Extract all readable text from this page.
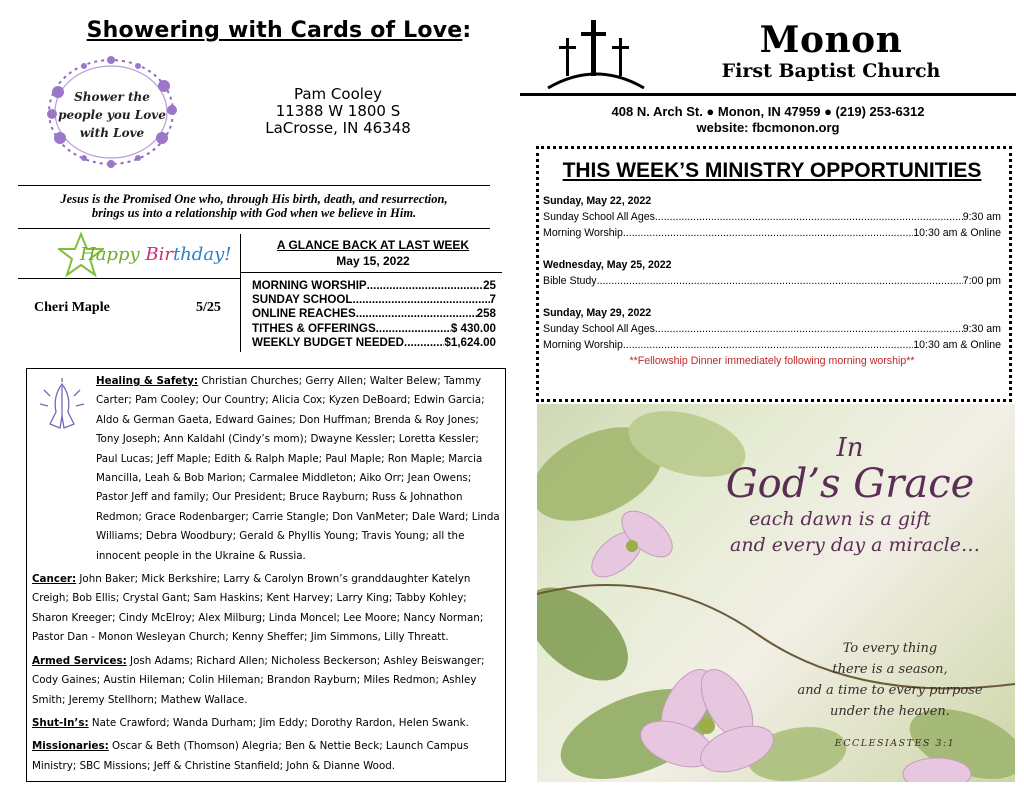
Showering with Cards of Love:
Shower the people you Love with Love
Pam Cooley
11388 W 1800 S
LaCrosse, IN 46348
Jesus is the Promised One who, through His birth, death, and resurrection,
brings us into a relationship with God when we believe in Him.
Happy Birthday!
Cheri Maple	5/25
A GLANCE BACK AT LAST WEEK
May 15, 2022
MORNING WORSHIP .....	25
SUNDAY SCHOOL .....	7
ONLINE REACHES .....	258
TITHES & OFFERINGS .....	$ 430.00
WEEKLY BUDGET NEEDED .....	$1,624.00

Healing & Safety: Christian Churches; Gerry Allen; Walter Belew; Tammy Carter; Pam Cooley; Our Country; Alicia Cox; Kyzen DeBoard; Edwin Garcia; Aldo & German Gaeta, Edward Gaines; Don Huffman; Brenda & Roy Jones; Tony Joseph; Ann Kaldahl (Cindy’s mom); Dwayne Kessler; Loretta Kessler; Paul Lucas; Jeff Maple; Edith & Ralph Maple; Paul Maple; Ron Maple; Marcia Mancilla, Leah & Bob Marion; Carmalee Middleton; Aiko Orr; Jean Owens; Pastor Jeff and family; Our President; Bruce Rayburn; Russ & Johnathon Redmon; Grace Rodenbarger; Carrie Stangle; Don VanMeter; Dale Ward; Linda Williams; Debra Woodbury; Gerald & Phyllis Young; Travis Young; all the innocent people in the Ukraine & Russia.

Cancer: John Baker; Mick Berkshire; Larry & Carolyn Brown’s granddaughter Katelyn Creigh; Bob Ellis; Crystal Gant; Sam Haskins; Kent Harvey; Larry King; Tabby Kohley; Sharon Kreeger; Cindy McElroy; Alex Milburg; Linda Moncel; Lee Moore; Nancy Norman; Pastor Dan - Monon Wesleyan Church; Kenny Sheffer; Jim Simmons, Lilly Threatt.

Armed Services: Josh Adams; Richard Allen; Nicholess Beckerson; Ashley Beiswanger; Cody Gaines; Austin Hileman; Colin Hileman; Brandon Rayburn; Miles Redmon; Ashley Smith; Jeremy Stellhorn; Mathew Wallace.

Shut-In’s: Nate Crawford; Wanda Durham; Jim Eddy; Dorothy Rardon, Helen Swank.

Missionaries: Oscar & Beth (Thomson) Alegria; Ben & Nettie Beck; Launch Campus Ministry; SBC Missions; Jeff & Christine Stanfield; John & Dianne Wood.

Monon
First Baptist Church
408 N. Arch St. ● Monon, IN 47959 ● (219) 253-6312
website: fbcmonon.org
THIS WEEK’S MINISTRY OPPORTUNITIES
Sunday, May 22, 2022
Sunday School All Ages .....	9:30 am
Morning Worship .....	10:30 am & Online
Wednesday, May 25, 2022
Bible Study .....	7:00 pm
Sunday, May 29, 2022
Sunday School All Ages .....	9:30 am
Morning Worship .....	10:30 am & Online
**Fellowship Dinner immediately following morning worship**
In
God’s Grace
each dawn is a gift
and every day a miracle…
To every thing
there is a season,
and a time to every purpose
under the heaven.
ECCLESIASTES 3:1
